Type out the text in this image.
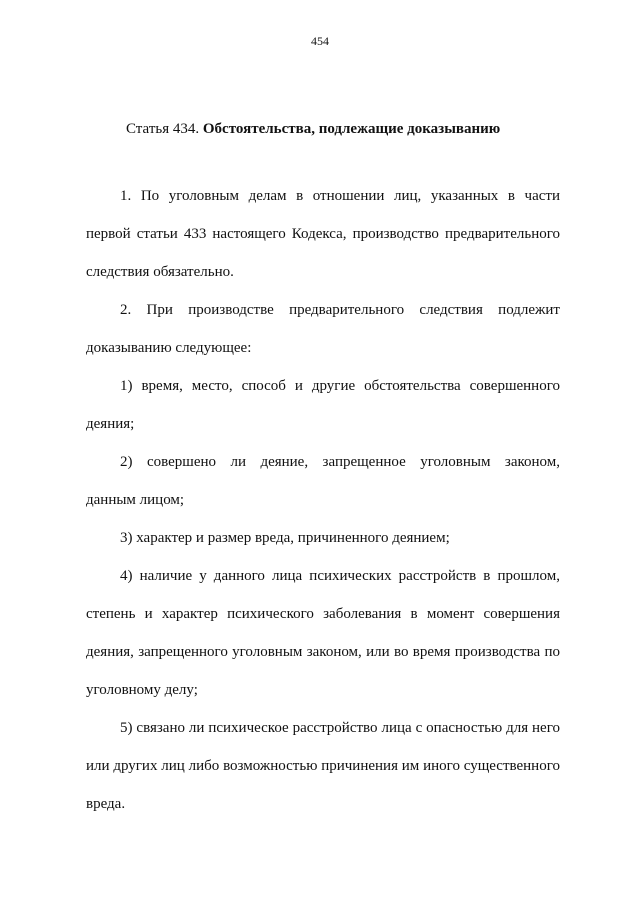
454
Статья 434. Обстоятельства, подлежащие доказыванию
1. По уголовным делам в отношении лиц, указанных в части
первой статьи 433 настоящего Кодекса, производство предварительного
следствия обязательно.
2. При производстве предварительного следствия подлежит
доказыванию следующее:
1) время, место, способ и другие обстоятельства совершенного
деяния;
2) совершено ли деяние, запрещенное уголовным законом,
данным лицом;
3) характер и размер вреда, причиненного деянием;
4) наличие у данного лица психических расстройств в прошлом,
степень и характер психического заболевания в момент совершения
деяния, запрещенного уголовным законом, или во время производства по
уголовному делу;
5) связано ли психическое расстройство лица с опасностью для него
или других лиц либо возможностью причинения им иного существенного
вреда.
